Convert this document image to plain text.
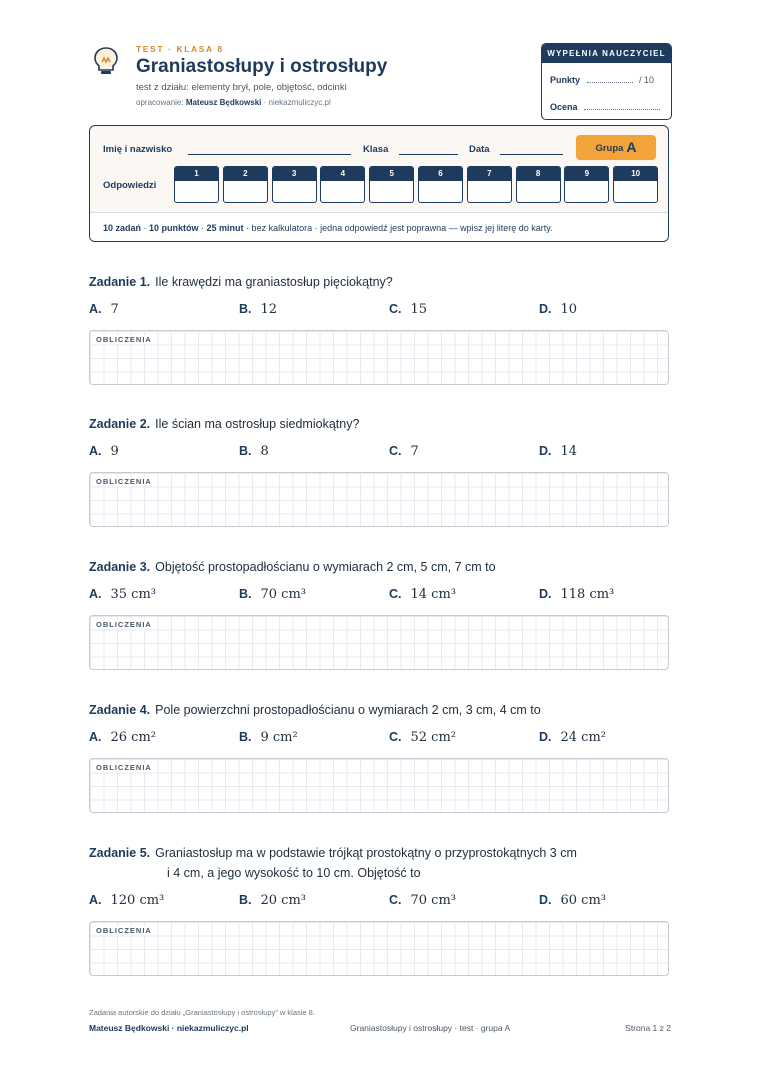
TEST · KLASA 8
Graniastosłupy i ostrosłupy
test z działu: elementy brył, pole, objętość, odcinki
opracowanie: Mateusz Będkowski · niekazmuliczyc.pl
WYPEŁNIA NAUCZYCIEL
Punkty	/ 10
Ocena
Imię i nazwisko	Klasa	Data	Grupa A
Odpowiedzi
1	2	3	4	5	6	7	8	9	10
10 zadań · 10 punktów · 25 minut · bez kalkulatora · jedna odpowiedź jest poprawna — wpisz jej literę do karty.
Zadanie 1. Ile krawędzi ma graniastosłup pięciokątny?
A. 7	B. 12	C. 15	D. 10
OBLICZENIA
Zadanie 2. Ile ścian ma ostrosłup siedmiokątny?
A. 9	B. 8	C. 7	D. 14
OBLICZENIA
Zadanie 3. Objętość prostopadłościanu o wymiarach 2 cm, 5 cm, 7 cm to
A. 35 cm³	B. 70 cm³	C. 14 cm³	D. 118 cm³
OBLICZENIA
Zadanie 4. Pole powierzchni prostopadłościanu o wymiarach 2 cm, 3 cm, 4 cm to
A. 26 cm²	B. 9 cm²	C. 52 cm²	D. 24 cm²
OBLICZENIA
Zadanie 5. Graniastosłup ma w podstawie trójkąt prostokątny o przyprostokątnych 3 cm
i 4 cm, a jego wysokość to 10 cm. Objętość to
A. 120 cm³	B. 20 cm³	C. 70 cm³	D. 60 cm³
OBLICZENIA
Zadania autorskie do działu „Graniastosłupy i ostrosłupy” w klasie 8.
Mateusz Będkowski · niekazmuliczyc.pl	Graniastosłupy i ostrosłupy · test · grupa A	Strona 1 z 2
